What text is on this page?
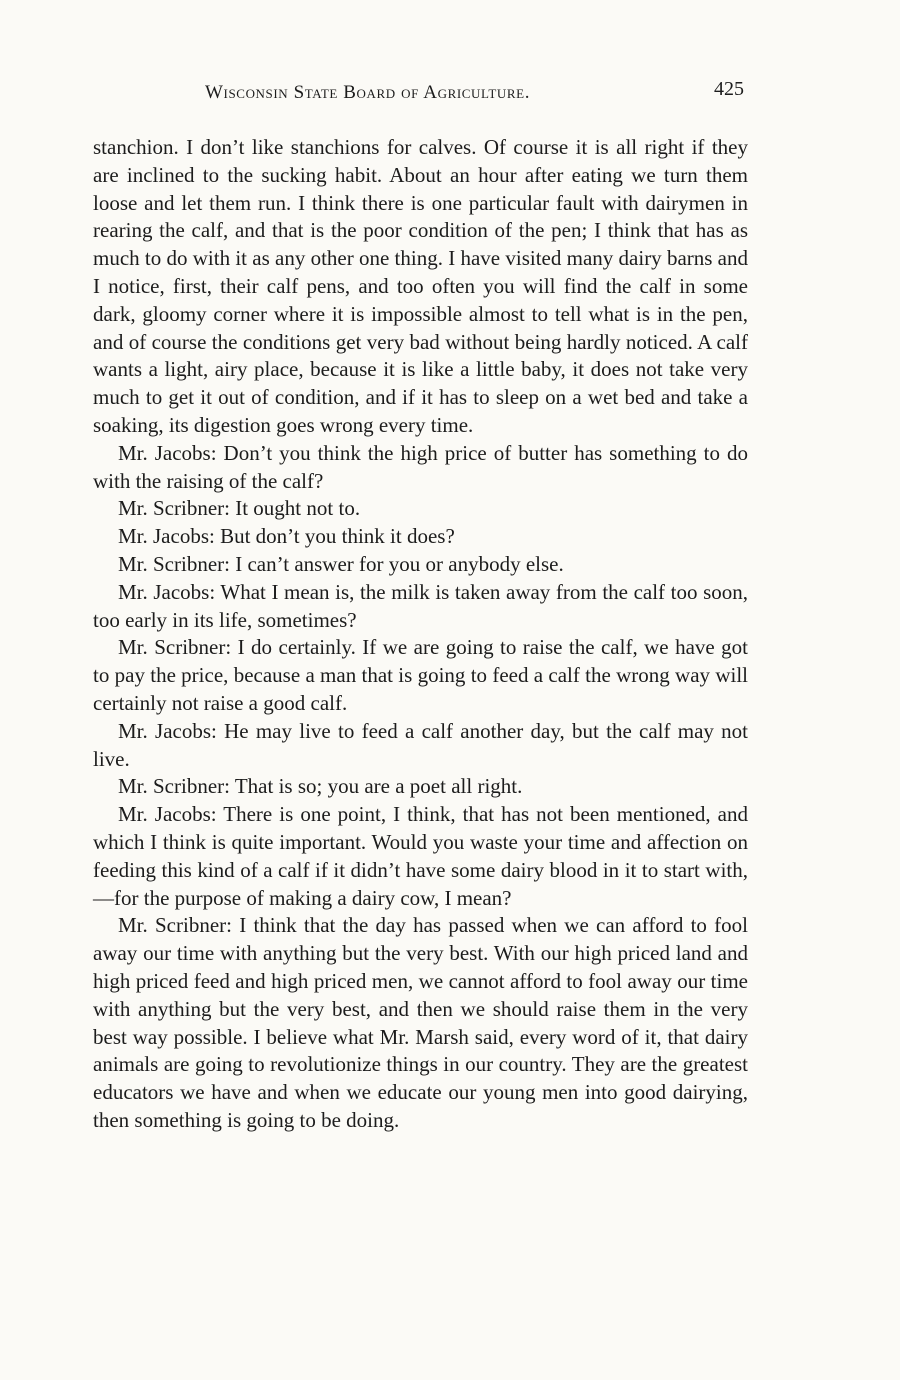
Wisconsin State Board of Agriculture.	425

stanchion. I don’t like stanchions for calves. Of course it is all right if they are inclined to the sucking habit. About an hour after eating we turn them loose and let them run. I think there is one particular fault with dairymen in rearing the calf, and that is the poor condition of the pen; I think that has as much to do with it as any other one thing. I have visited many dairy barns and I notice, first, their calf pens, and too often you will find the calf in some dark, gloomy corner where it is impossible almost to tell what is in the pen, and of course the conditions get very bad without being hardly noticed. A calf wants a light, airy place, because it is like a little baby, it does not take very much to get it out of condition, and if it has to sleep on a wet bed and take a soaking, its digestion goes wrong every time.

Mr. Jacobs: Don’t you think the high price of butter has something to do with the raising of the calf?

Mr. Scribner: It ought not to.

Mr. Jacobs: But don’t you think it does?

Mr. Scribner: I can’t answer for you or anybody else.

Mr. Jacobs: What I mean is, the milk is taken away from the calf too soon, too early in its life, sometimes?

Mr. Scribner: I do certainly. If we are going to raise the calf, we have got to pay the price, because a man that is going to feed a calf the wrong way will certainly not raise a good calf.

Mr. Jacobs: He may live to feed a calf another day, but the calf may not live.

Mr. Scribner: That is so; you are a poet all right.

Mr. Jacobs: There is one point, I think, that has not been mentioned, and which I think is quite important. Would you waste your time and affection on feeding this kind of a calf if it didn’t have some dairy blood in it to start with,—for the purpose of making a dairy cow, I mean?

Mr. Scribner: I think that the day has passed when we can afford to fool away our time with anything but the very best. With our high priced land and high priced feed and high priced men, we cannot afford to fool away our time with anything but the very best, and then we should raise them in the very best way possible. I believe what Mr. Marsh said, every word of it, that dairy animals are going to revolutionize things in our country. They are the greatest educators we have and when we educate our young men into good dairying, then something is going to be doing.
